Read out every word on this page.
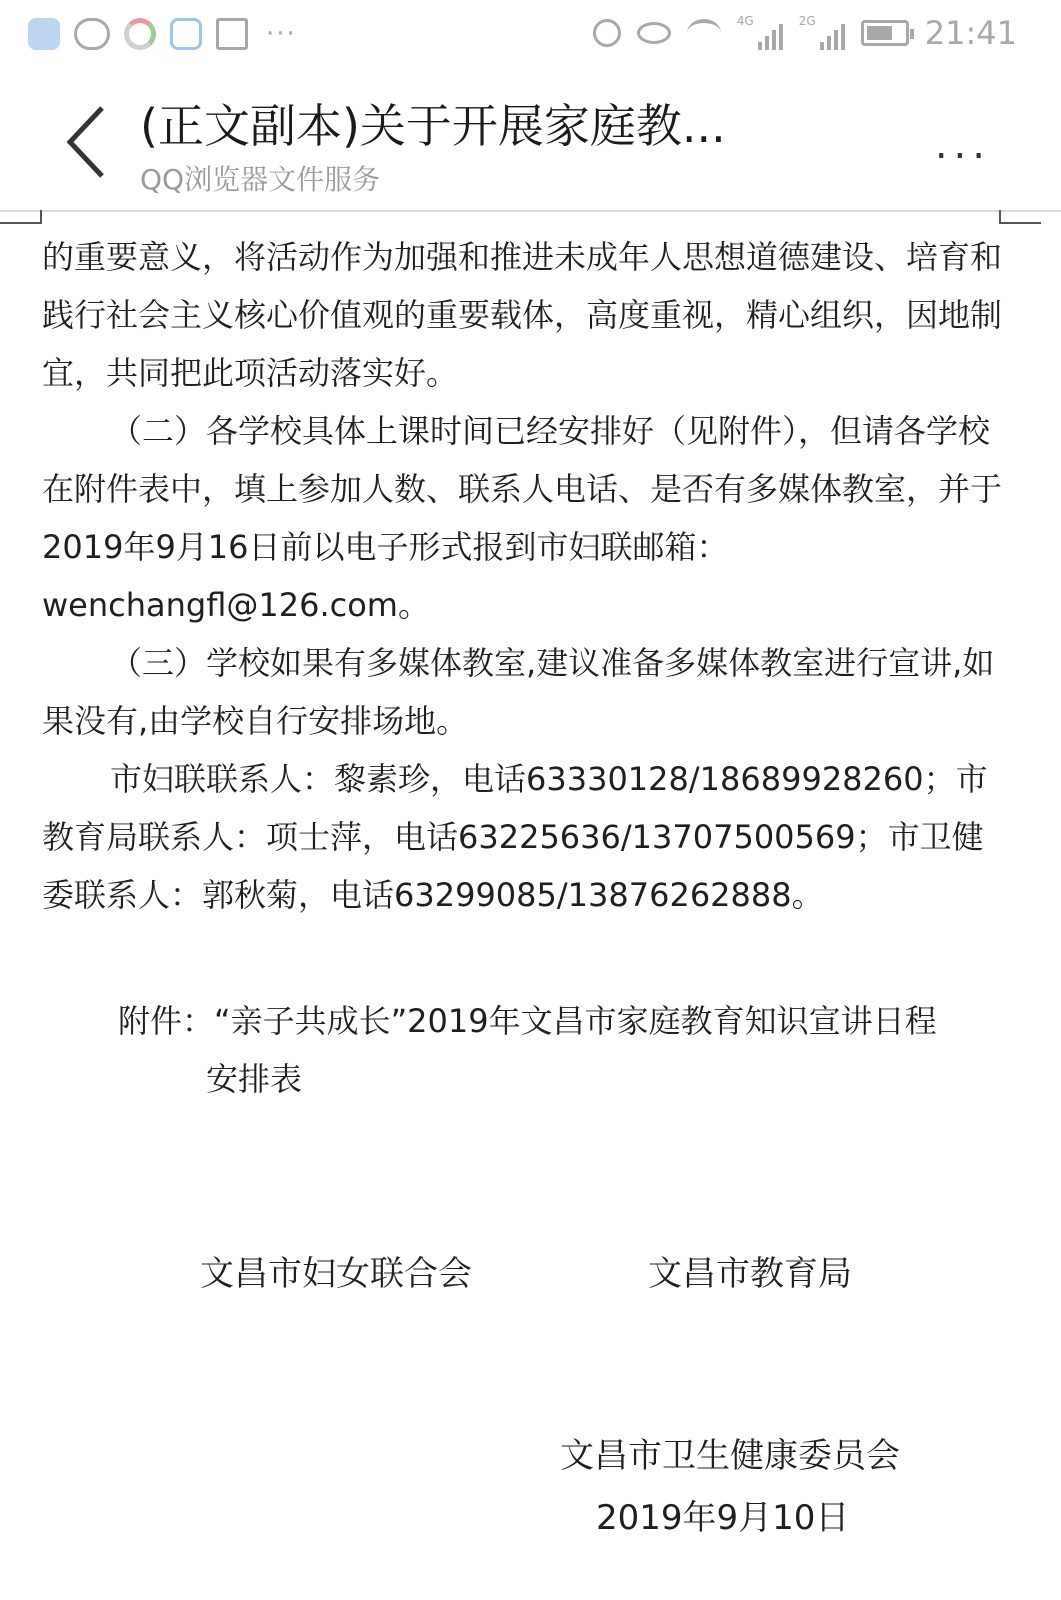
···	4G	2G	21:41
(正文副本)关于开展家庭教...
QQ浏览器文件服务
...

的重要意义，将活动作为加强和推进未成年人思想道德建设、培育和践行社会主义核心价值观的重要载体，高度重视，精心组织，因地制宜，共同把此项活动落实好。

（二）各学校具体上课时间已经安排好（见附件），但请各学校在附件表中，填上参加人数、联系人电话、是否有多媒体教室，并于2019年9月16日前以电子形式报到市妇联邮箱：wenchangfl@126.com。

（三）学校如果有多媒体教室,建议准备多媒体教室进行宣讲,如果没有,由学校自行安排场地。

市妇联联系人：黎素珍，电话63330128/18689928260；市教育局联系人：项士萍，电话63225636/13707500569；市卫健委联系人：郭秋菊，电话63299085/13876262888。

附件：“亲子共成长”2019年文昌市家庭教育知识宣讲日程
安排表
文昌市妇女联合会	文昌市教育局
文昌市卫生健康委员会
2019年9月10日
